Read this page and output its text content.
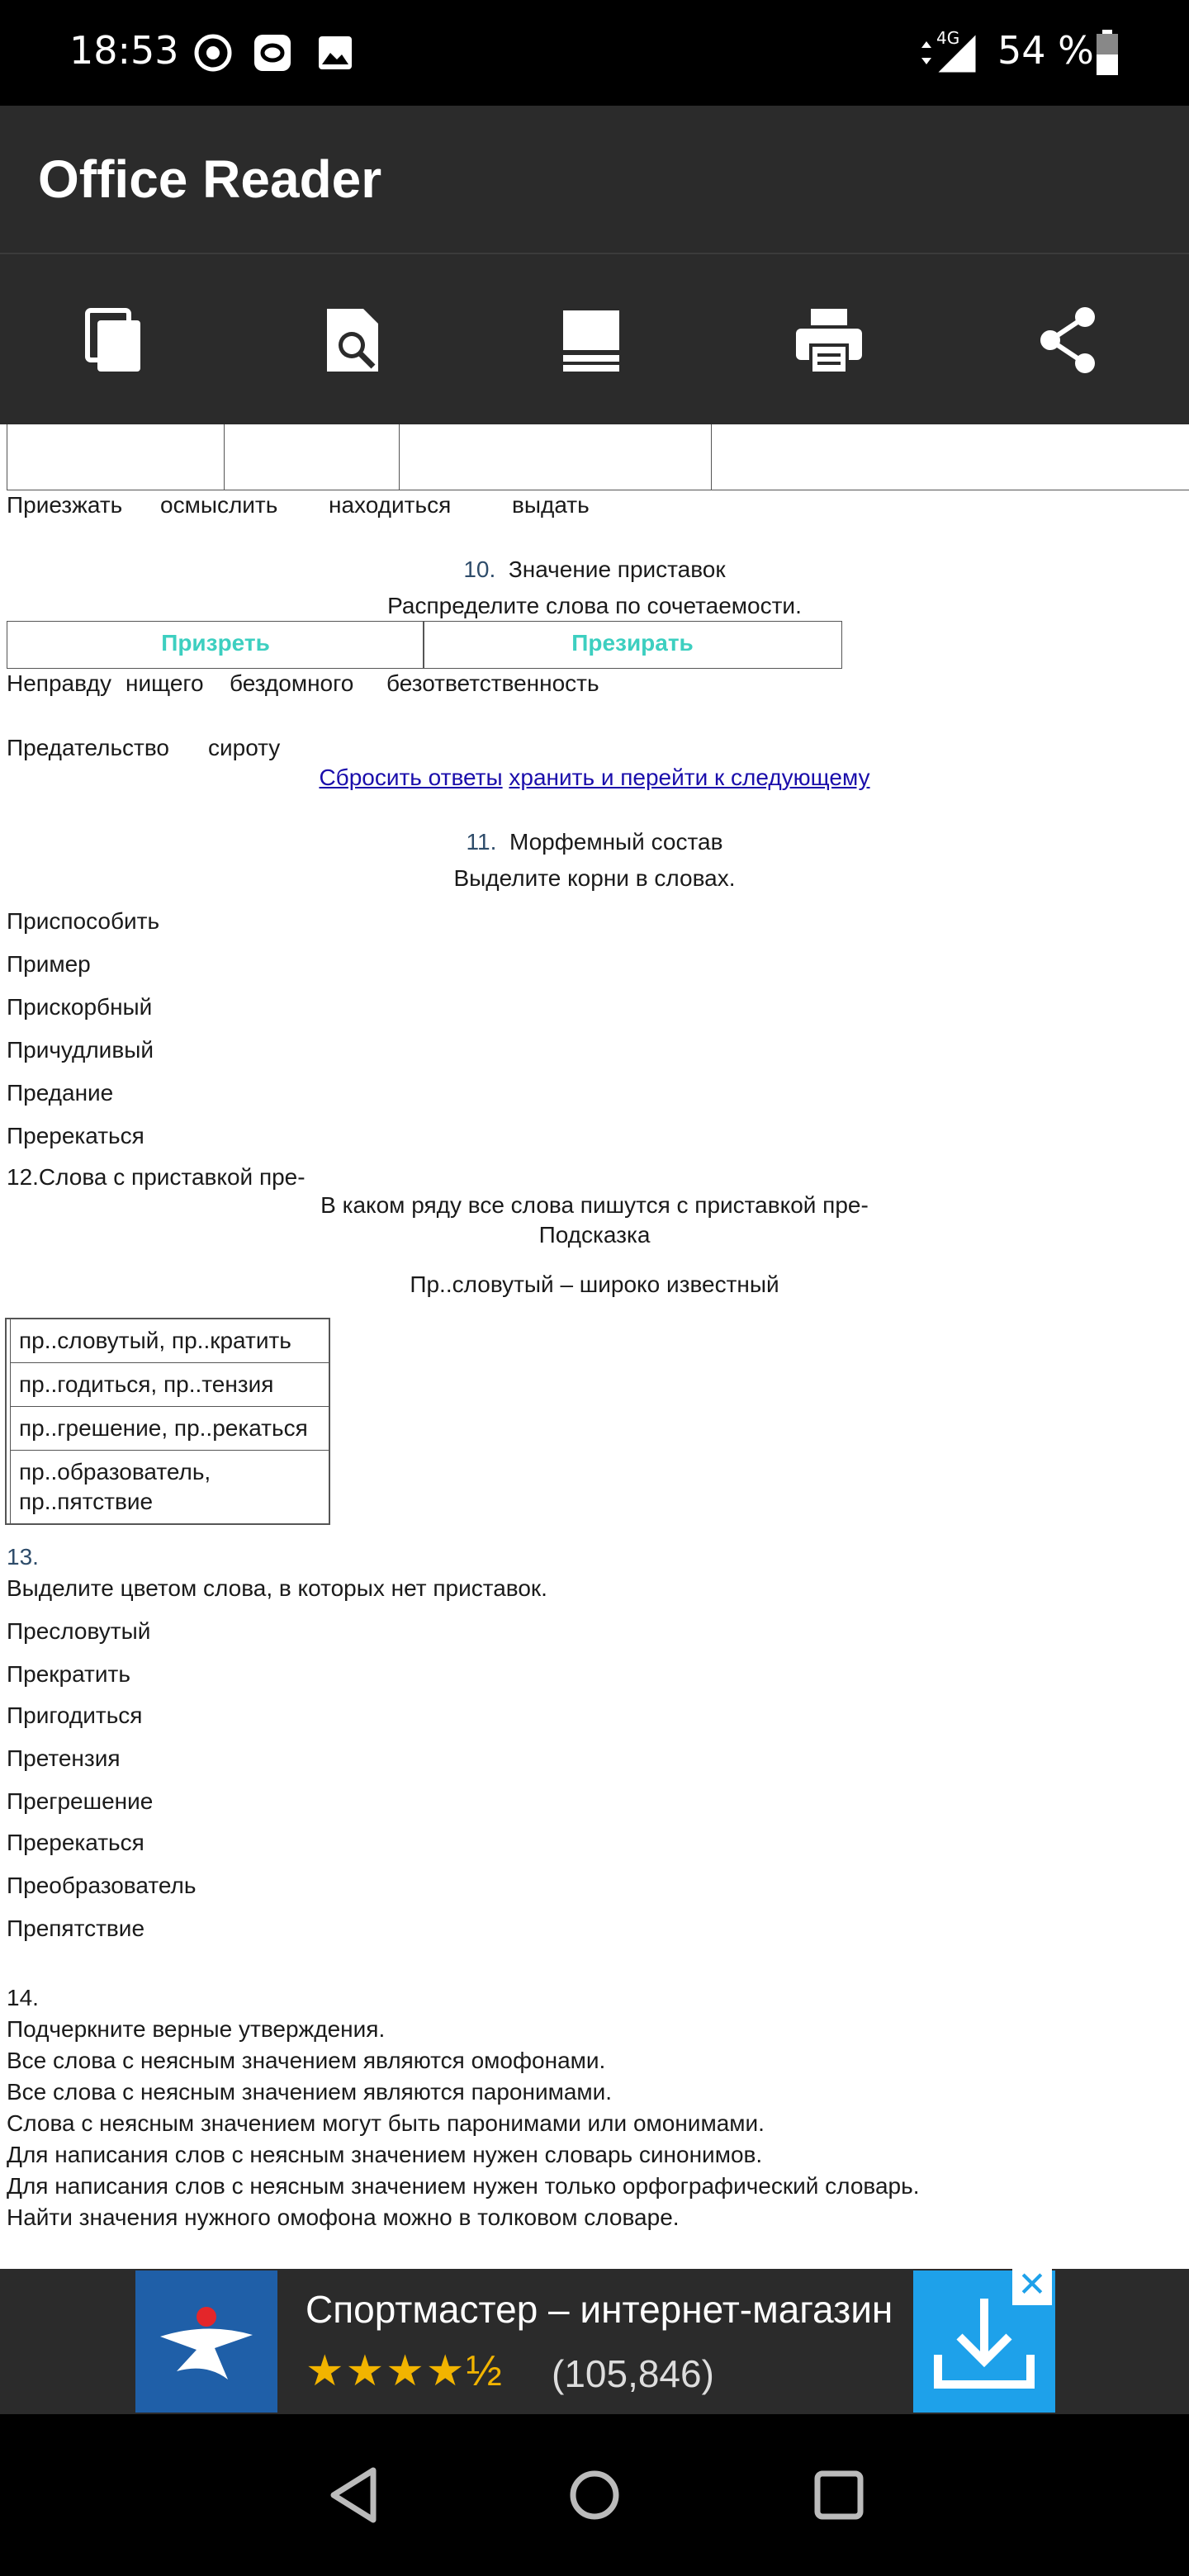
18:53	4G 54 %
Office Reader
Приезжать осмыслить находиться	выдать
10. Значение приставок
Распределите слова по сочетаемости.
Призреть	Презирать
Неправду нищего бездомного безответственность
Предательство сироту
Сбросить ответы хранить и перейти к следующему
11. Морфемный состав
Выделите корни в словах.
Приспособить
Пример
Прискорбный
Причудливый
Предание
Пререкаться
12.Слова с приставкой пре-
В каком ряду все слова пишутся с приставкой пре-
Подсказка
Пр..словутый – широко известный
пр..словутый, пр..кратить
пр..годиться, пр..тензия
пр..грешение, пр..рекаться
пр..образователь, пр..пятствие
13.
Выделите цветом слова, в которых нет приставок.
Пресловутый
Прекратить
Пригодиться
Претензия
Прегрешение
Пререкаться
Преобразователь
Препятствие
14.
Подчеркните верные утверждения.
Все слова с неясным значением являются омофонами.
Все слова с неясным значением являются паронимами.
Слова с неясным значением могут быть паронимами или омонимами.
Для написания слов с неясным значением нужен словарь синонимов.
Для написания слов с неясным значением нужен только орфографический словарь.
Найти значения нужного омофона можно в толковом словаре.
Спортмастер – интернет-магазин
★★★★½ (105,846)
✕
